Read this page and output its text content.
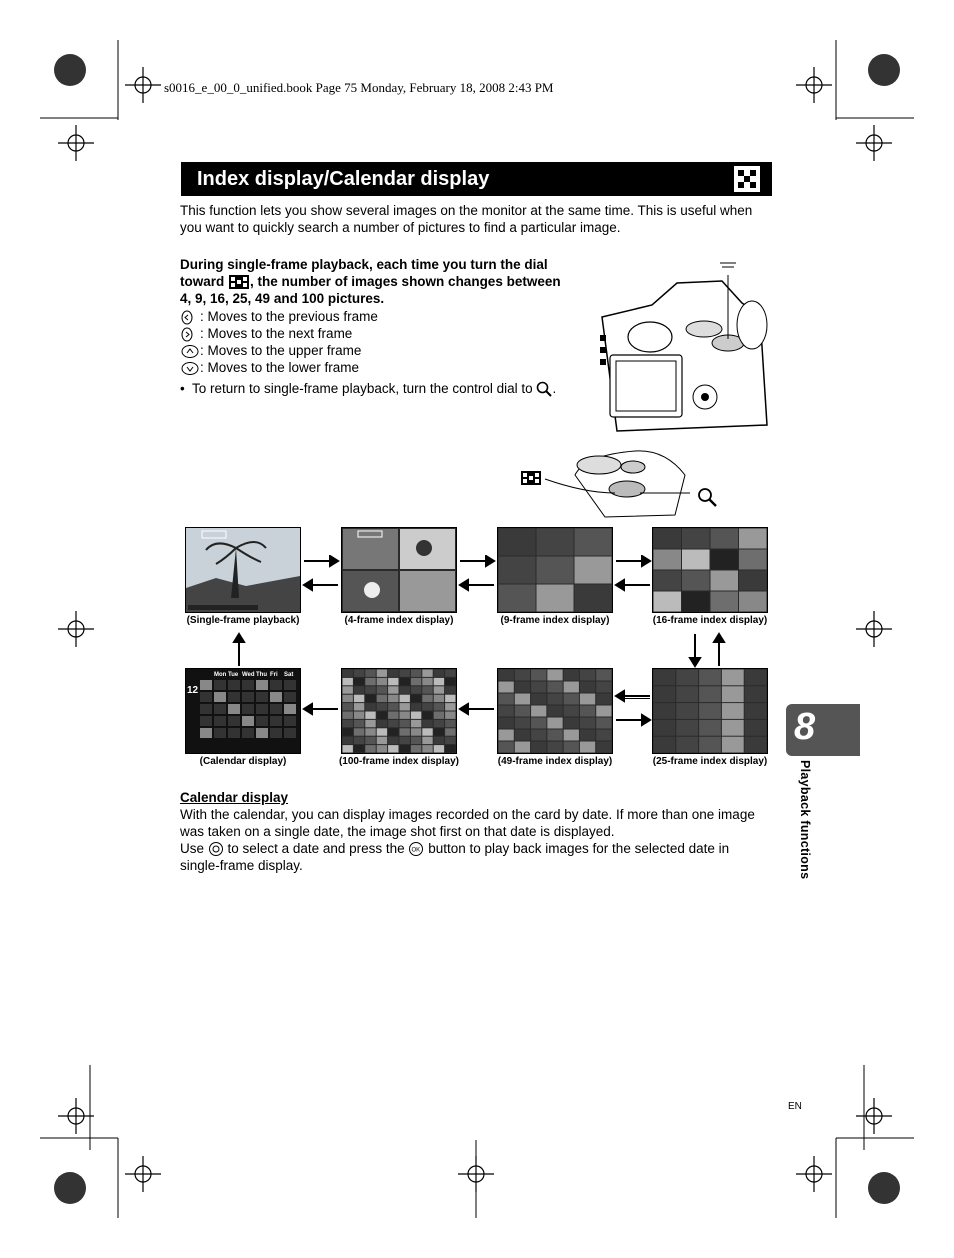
s0016_e_00_0_unified.book Page 75 Monday, February 18, 2008 2:43 PM
Index display/Calendar display
This function lets you show several images on the monitor at the same time. This is useful when you want to quickly search a number of pictures to find a particular image.
During single-frame playback, each time you turn the dial
toward , the number of images shown changes between
4, 9, 16, 25, 49 and 100 pictures.
: Moves to the previous frame
: Moves to the next frame
: Moves to the upper frame
: Moves to the lower frame
• To return to single-frame playback, turn the control dial to .
(Single-frame playback)	(4-frame index display)	(9-frame index display)	(16-frame index display)
12
Mon Tue Wed Thu Fri Sat
(Calendar display)	(100-frame index display)	(49-frame index display)	(25-frame index display)
Calendar display
With the calendar, you can display images recorded on the card by date. If more than one image was taken on a single date, the image shot first on that date is displayed.
Use to select a date and press the OK button to play back images for the selected date in single-frame display.
8
Playback functions
EN
